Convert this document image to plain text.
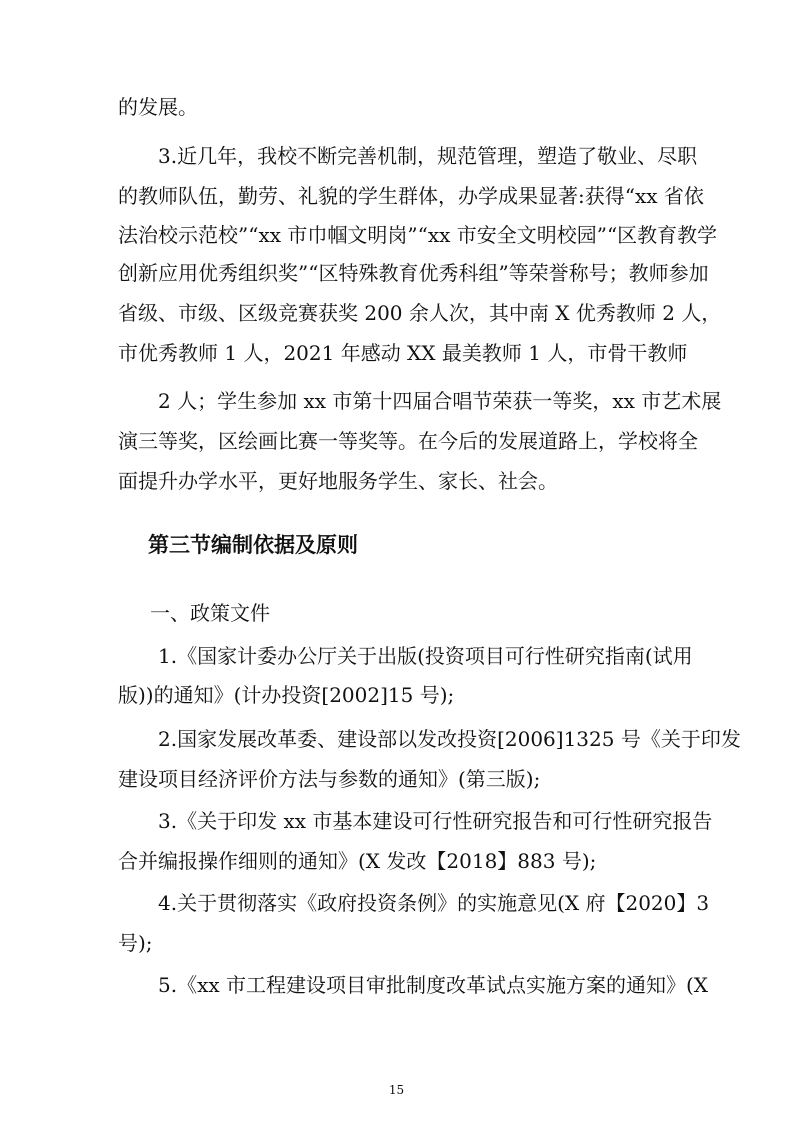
的发展。
3.近几年，我校不断完善机制，规范管理，塑造了敬业、尽职
的教师队伍，勤劳、礼貌的学生群体，办学成果显著:获得“xx 省依
法治校示范校”“xx 市巾帼文明岗”“xx 市安全文明校园”“区教育教学
创新应用优秀组织奖”“区特殊教育优秀科组”等荣誉称号；教师参加
省级、市级、区级竞赛获奖 200 余人次，其中南 X 优秀教师 2 人，
市优秀教师 1 人，2021 年感动 XX 最美教师 1 人，市骨干教师
2 人；学生参加 xx 市第十四届合唱节荣获一等奖，xx 市艺术展
演三等奖，区绘画比赛一等奖等。在今后的发展道路上，学校将全
面提升办学水平，更好地服务学生、家长、社会。
第三节编制依据及原则
一、政策文件
1.《国家计委办公厅关于出版(投资项目可行性研究指南(试用
版))的通知》(计办投资[2002]15 号);
2.国家发展改革委、建设部以发改投资[2006]1325 号《关于印发
建设项目经济评价方法与参数的通知》(第三版);
3.《关于印发 xx 市基本建设可行性研究报告和可行性研究报告
合并编报操作细则的通知》(X 发改【2018】883 号);
4.关于贯彻落实《政府投资条例》的实施意见(X 府【2020】3
号);
5.《xx 市工程建设项目审批制度改革试点实施方案的通知》(X
15
